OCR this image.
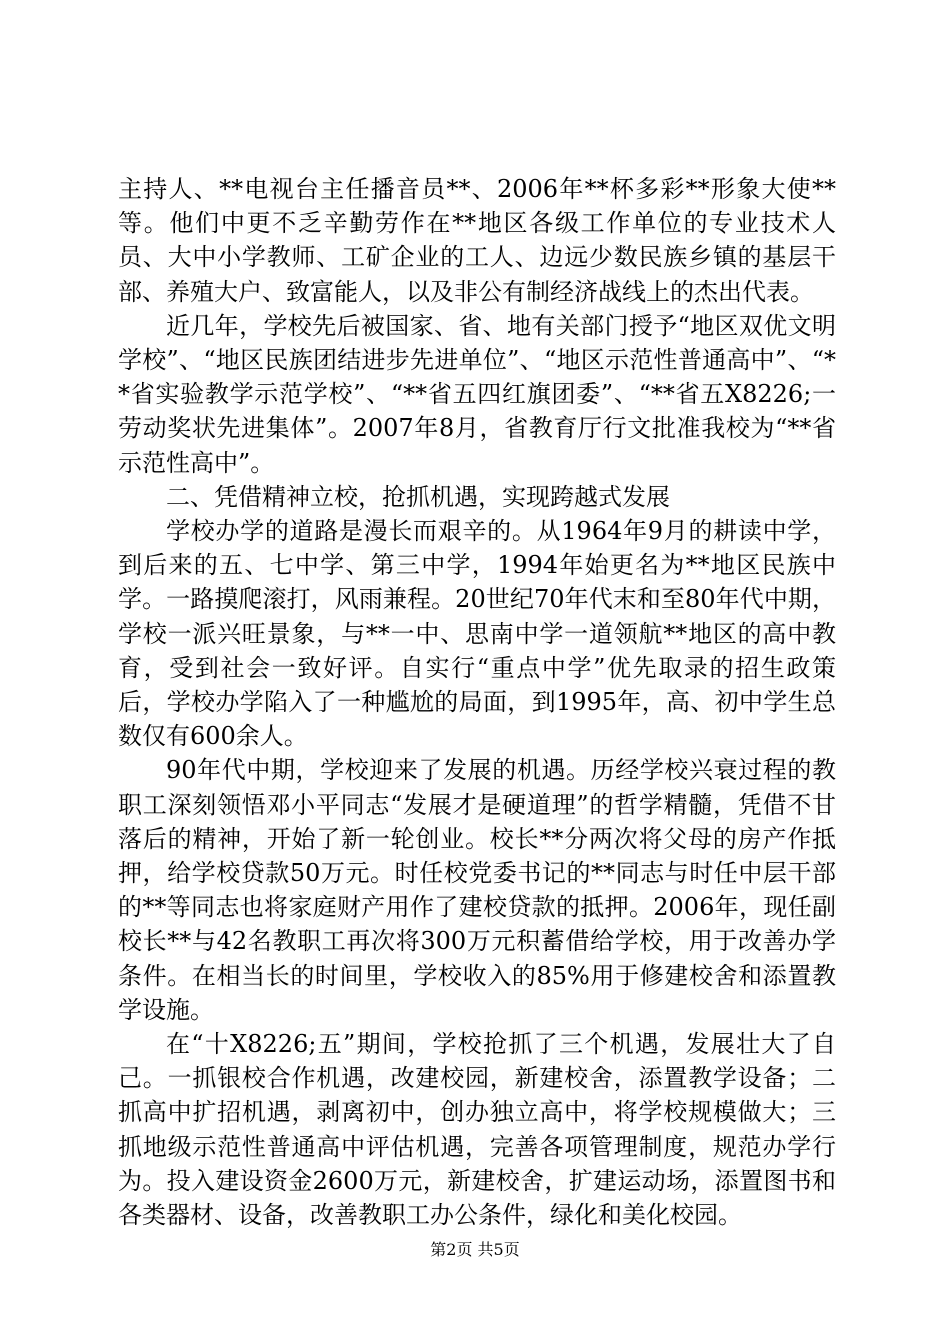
主持人、**电视台主任播音员**、2006年**杯多彩**形象大使**等。他们中更不乏辛勤劳作在**地区各级工作单位的专业技术人员、大中小学教师、工矿企业的工人、边远少数民族乡镇的基层干部、养殖大户、致富能人，以及非公有制经济战线上的杰出代表。

近几年，学校先后被国家、省、地有关部门授予“地区双优文明学校”、“地区民族团结进步先进单位”、“地区示范性普通高中”、“**省实验教学示范学校”、“**省五四红旗团委”、“**省五X8226;一劳动奖状先进集体”。2007年8月，省教育厅行文批准我校为“**省示范性高中”。

二、凭借精神立校，抢抓机遇，实现跨越式发展

学校办学的道路是漫长而艰辛的。从1964年9月的耕读中学，到后来的五、七中学、第三中学，1994年始更名为**地区民族中学。一路摸爬滚打，风雨兼程。20世纪70年代末和至80年代中期，学校一派兴旺景象，与**一中、思南中学一道领航**地区的高中教育，受到社会一致好评。自实行“重点中学”优先取录的招生政策后，学校办学陷入了一种尴尬的局面，到1995年，高、初中学生总数仅有600余人。

90年代中期，学校迎来了发展的机遇。历经学校兴衰过程的教职工深刻领悟邓小平同志“发展才是硬道理”的哲学精髓，凭借不甘落后的精神，开始了新一轮创业。校长**分两次将父母的房产作抵押，给学校贷款50万元。时任校党委书记的**同志与时任中层干部的**等同志也将家庭财产用作了建校贷款的抵押。2006年，现任副校长**与42名教职工再次将300万元积蓄借给学校，用于改善办学条件。在相当长的时间里，学校收入的85%用于修建校舍和添置教学设施。

在“十X8226;五”期间，学校抢抓了三个机遇，发展壮大了自己。一抓银校合作机遇，改建校园，新建校舍，添置教学设备；二抓高中扩招机遇，剥离初中，创办独立高中，将学校规模做大；三抓地级示范性普通高中评估机遇，完善各项管理制度，规范办学行为。投入建设资金2600万元，新建校舍，扩建运动场，添置图书和各类器材、设备，改善教职工办公条件，绿化和美化校园。

第2页 共5页
